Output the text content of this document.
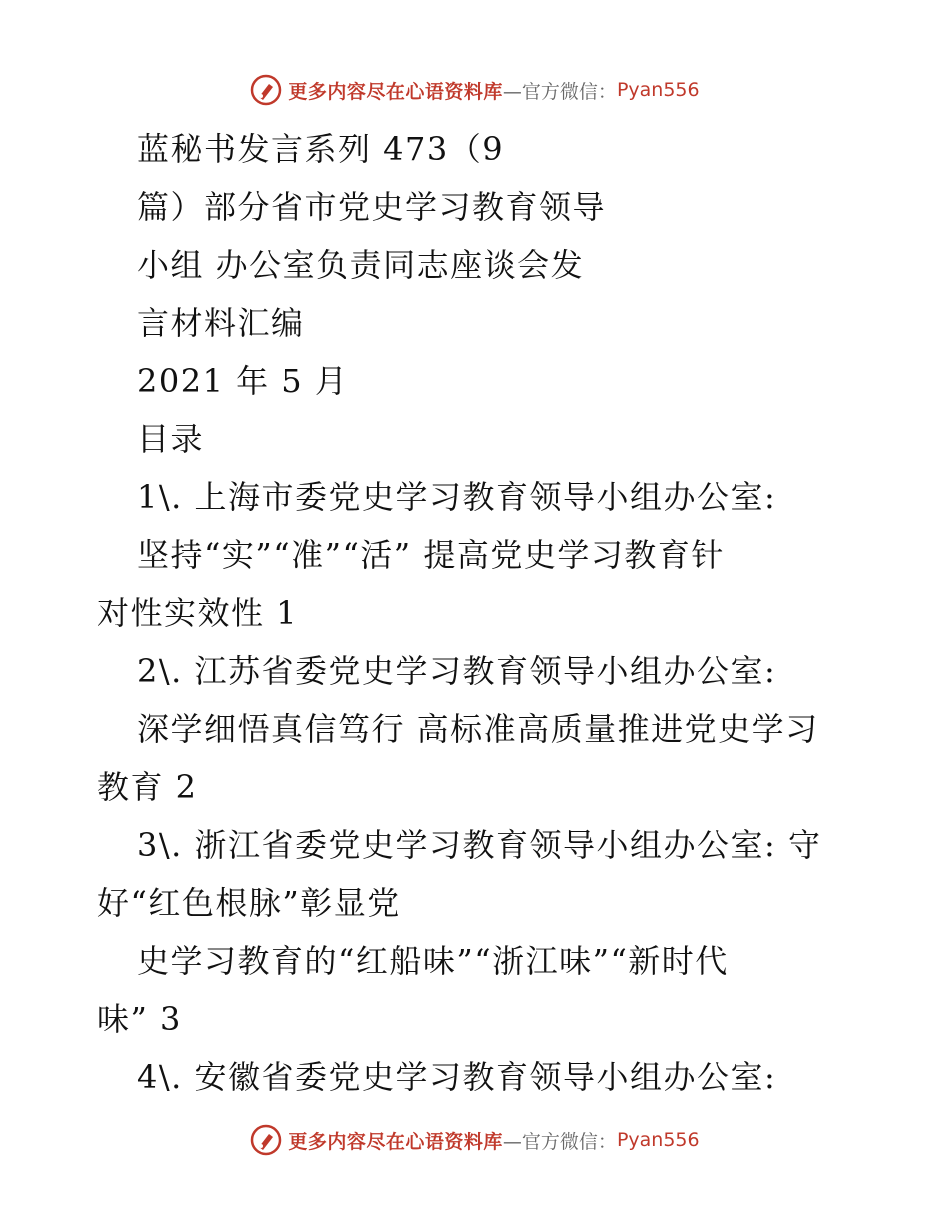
更多内容尽在心语资料库 —官方微信： Pyan556
蓝秘书发言系列 473（9
篇）部分省市党史学习教育领导
小组 办公室负责同志座谈会发
言材料汇编
2021 年 5 月
目录
1\. 上海市委党史学习教育领导小组办公室:
坚持“实”“准”“活” 提高党史学习教育针
对性实效性 1
2\. 江苏省委党史学习教育领导小组办公室:
深学细悟真信笃行 高标准高质量推进党史学习
教育 2
3\. 浙江省委党史学习教育领导小组办公室: 守
好“红色根脉”彰显党
史学习教育的“红船味”“浙江味”“新时代
味” 3
4\. 安徽省委党史学习教育领导小组办公室:
更多内容尽在心语资料库 —官方微信： Pyan556
